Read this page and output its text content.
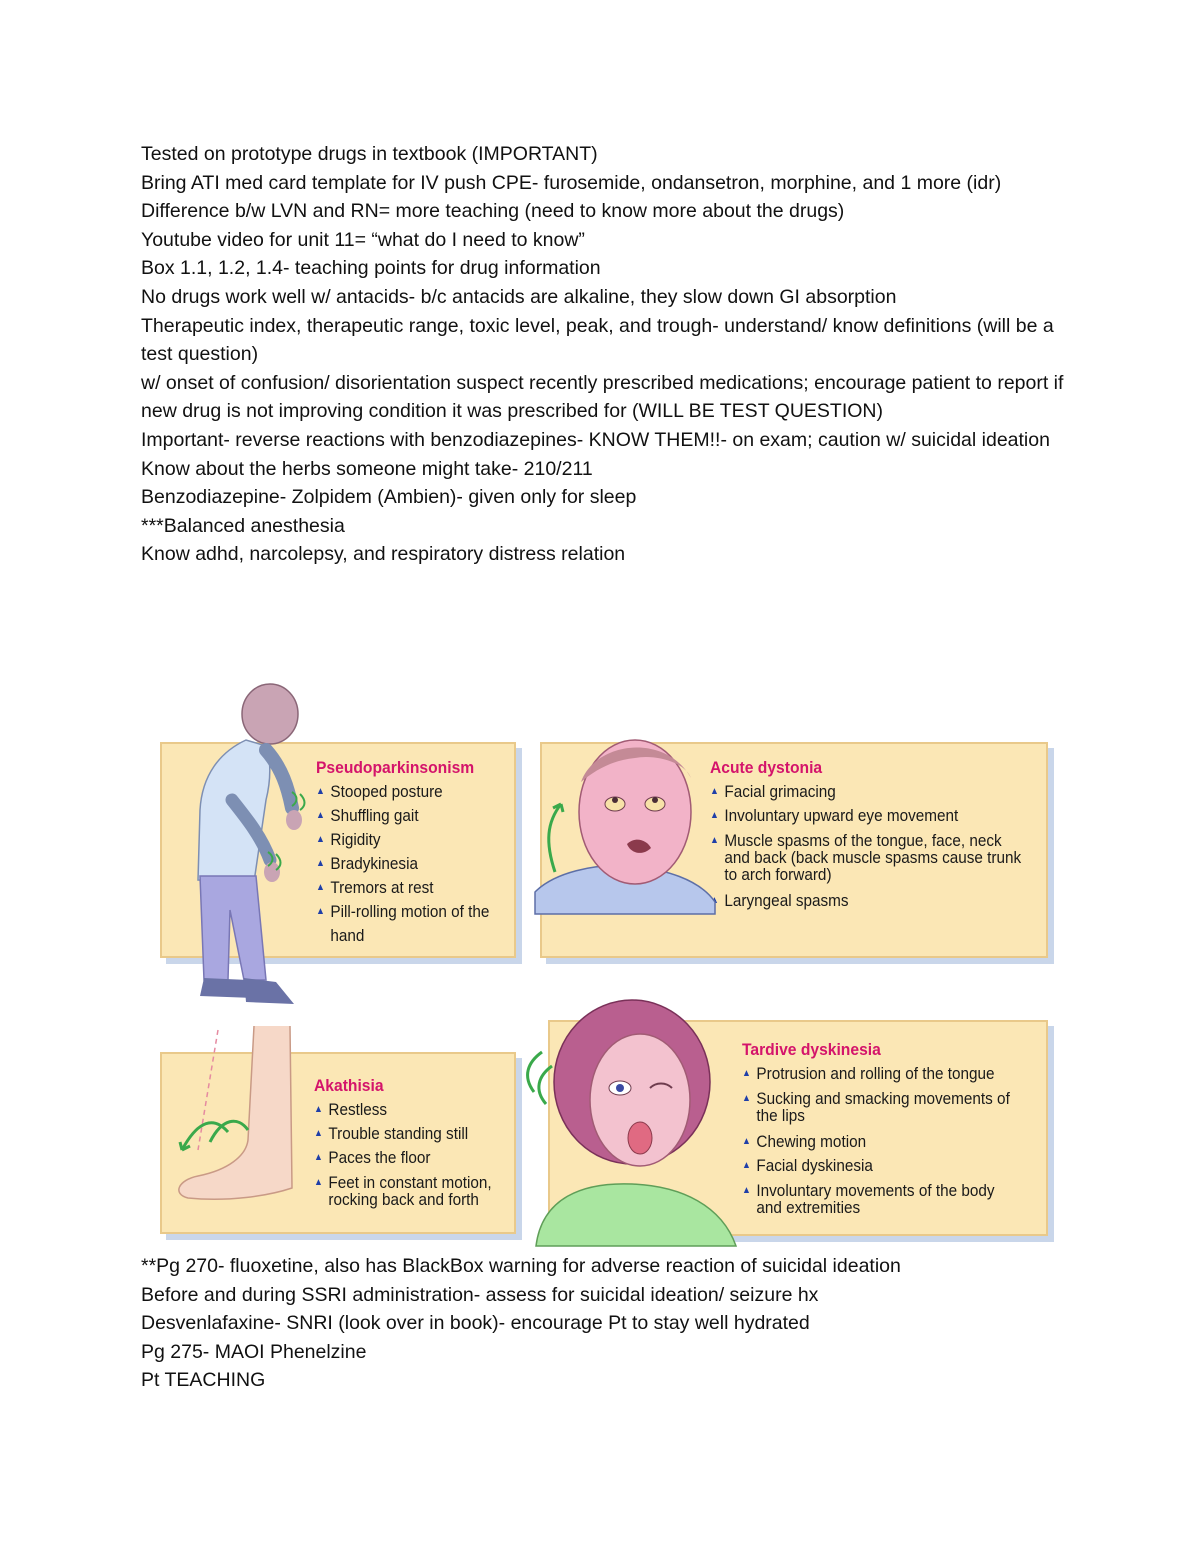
Tested on prototype drugs in textbook (IMPORTANT)

Bring ATI med card template for IV push CPE- furosemide, ondansetron, morphine, and 1 more (idr)

Difference b/w LVN and RN= more teaching (need to know more about the drugs)

Youtube video for unit 11= “what do I need to know”

Box 1.1, 1.2, 1.4- teaching points for drug information

No drugs work well w/ antacids- b/c antacids are alkaline, they slow down GI absorption

Therapeutic index, therapeutic range, toxic level, peak, and trough- understand/ know definitions (will be a test question)

w/ onset of confusion/ disorientation suspect recently prescribed medications; encourage patient to report if new drug is not improving condition it was prescribed for (WILL BE TEST QUESTION)

Important- reverse reactions with benzodiazepines- KNOW THEM!!- on exam; caution w/ suicidal ideation

Know about the herbs someone might take- 210/211

Benzodiazepine- Zolpidem (Ambien)- given only for sleep

***Balanced anesthesia

Know adhd, narcolepsy, and respiratory distress relation

Pseudoparkinsonism
▲ Stooped posture
▲ Shuffling gait
▲ Rigidity
▲ Bradykinesia
▲ Tremors at rest
▲ Pill-rolling motion of the hand
Acute dystonia
▲ Facial grimacing
▲ Involuntary upward eye movement
▲ Muscle spasms of the tongue, face, neck and back (back muscle spasms cause trunk to arch forward)
▲ Laryngeal spasms
Akathisia
▲ Restless
▲ Trouble standing still
▲ Paces the floor
▲ Feet in constant motion, rocking back and forth
Tardive dyskinesia
▲ Protrusion and rolling of the tongue
▲ Sucking and smacking movements of the lips
▲ Chewing motion
▲ Facial dyskinesia
▲ Involuntary movements of the body and extremities

**Pg 270- fluoxetine, also has BlackBox warning for adverse reaction of suicidal ideation

Before and during SSRI administration- assess for suicidal ideation/ seizure hx

Desvenlafaxine- SNRI (look over in book)- encourage Pt to stay well hydrated

Pg 275- MAOI Phenelzine

Pt TEACHING
